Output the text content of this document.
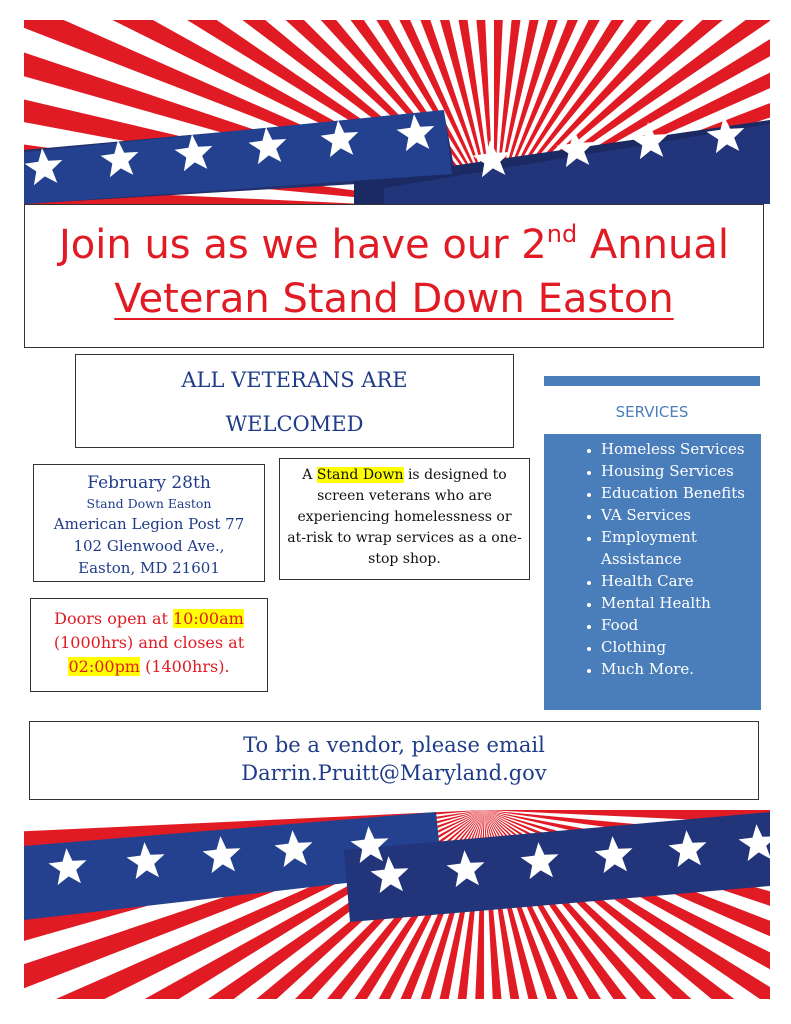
Join us as we have our 2nd Annual
Veteran Stand Down Easton
ALL VETERANS ARE
WELCOMED
February 28th
Stand Down Easton
American Legion Post 77
102 Glenwood Ave.,
Easton, MD 21601
A Stand Down is designed to screen veterans who are experiencing homelessness or at-risk to wrap services as a one-stop shop.
Doors open at 10:00am (1000hrs) and closes at 02:00pm (1400hrs).
SERVICES
• Homeless Services
• Housing Services
• Education Benefits
• VA Services
• Employment Assistance
• Health Care
• Mental Health
• Food
• Clothing
• Much More.
To be a vendor, please email
Darrin.Pruitt@Maryland.gov
